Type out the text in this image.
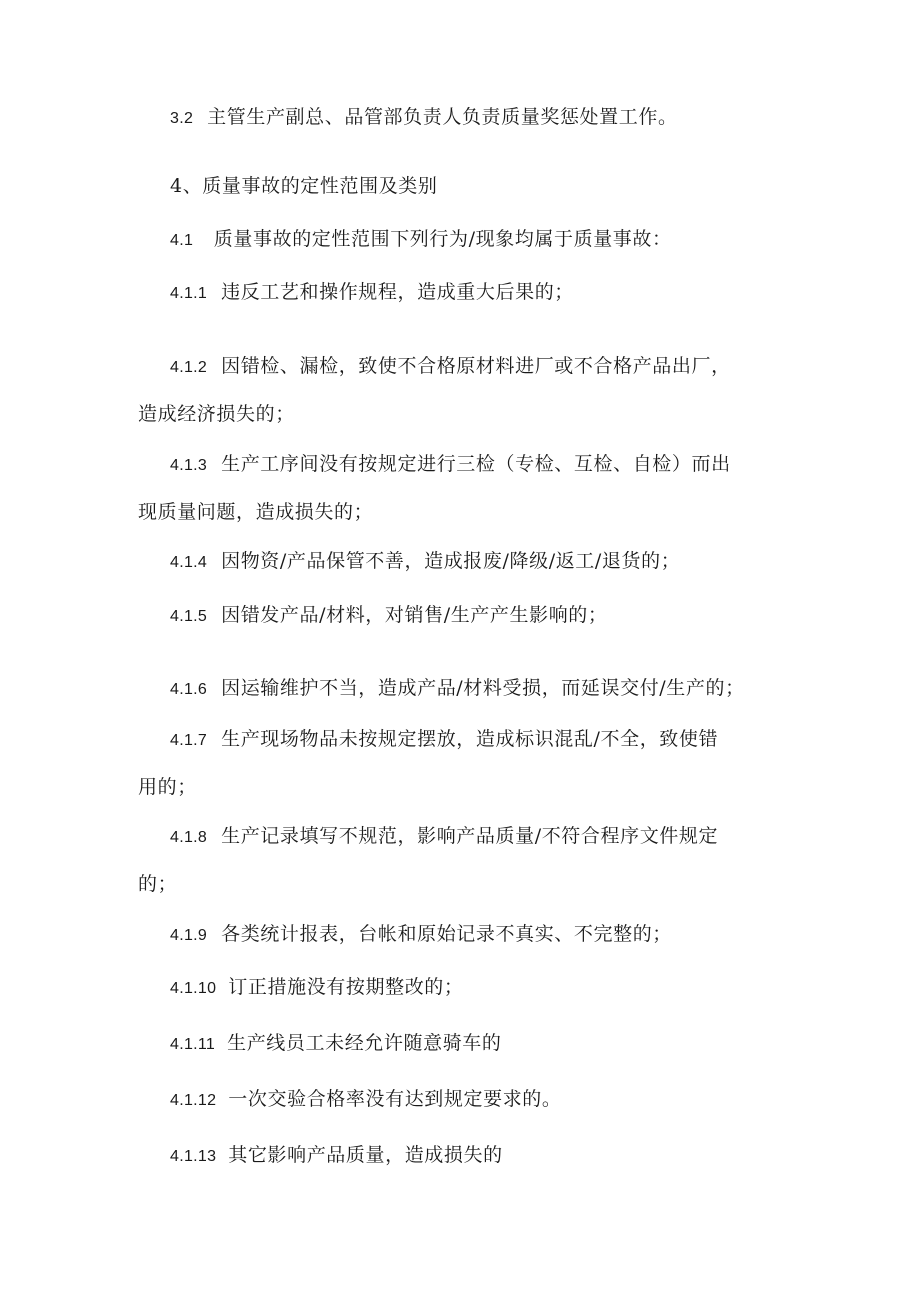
3.2 主管生产副总、品管部负责人负责质量奖惩处置工作。

4、质量事故的定性范围及类别

4.1 质量事故的定性范围下列行为/现象均属于质量事故：

4.1.1 违反工艺和操作规程，造成重大后果的；

4.1.2 因错检、漏检，致使不合格原材料进厂或不合格产品出厂，
造成经济损失的；

4.1.3 生产工序间没有按规定进行三检（专检、互检、自检）而出
现质量问题，造成损失的；

4.1.4 因物资/产品保管不善，造成报废/降级/返工/退货的；

4.1.5 因错发产品/材料，对销售/生产产生影响的；

4.1.6 因运输维护不当，造成产品/材料受损，而延误交付/生产的；

4.1.7 生产现场物品未按规定摆放，造成标识混乱/不全，致使错
用的；

4.1.8 生产记录填写不规范，影响产品质量/不符合程序文件规定
的；

4.1.9 各类统计报表，台帐和原始记录不真实、不完整的；

4.1.10 订正措施没有按期整改的；

4.1.11 生产线员工未经允许随意骑车的

4.1.12 一次交验合格率没有达到规定要求的。

4.1.13 其它影响产品质量，造成损失的
